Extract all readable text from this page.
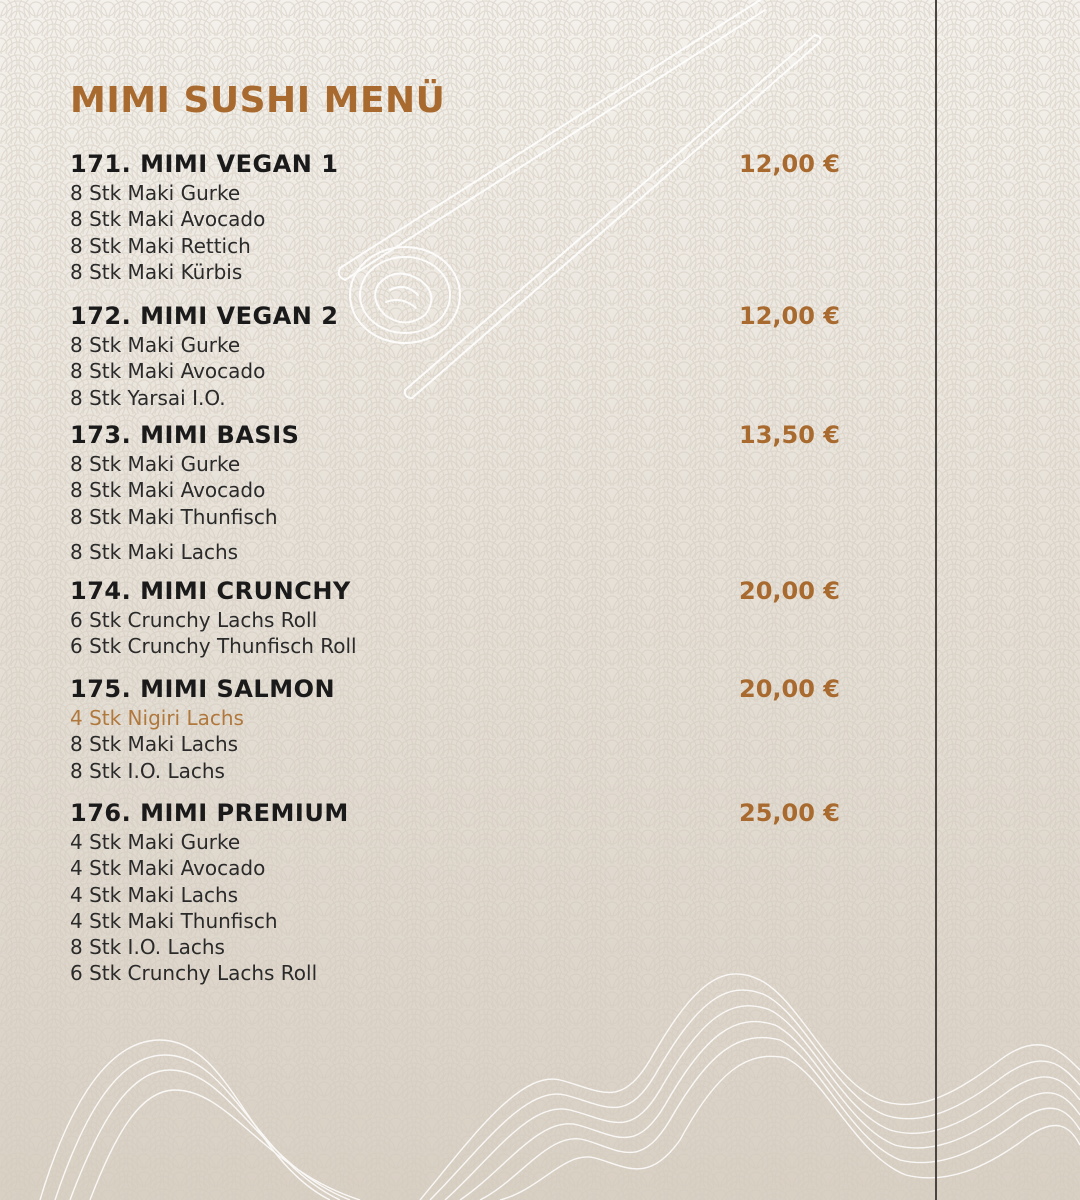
MIMI SUSHI MENÜ
171. MIMI VEGAN 1	12,00 €
8 Stk Maki Gurke
8 Stk Maki Avocado
8 Stk Maki Rettich
8 Stk Maki Kürbis
172. MIMI VEGAN 2	12,00 €
8 Stk Maki Gurke
8 Stk Maki Avocado
8 Stk Yarsai I.O.
173. MIMI BASIS	13,50 €
8 Stk Maki Gurke
8 Stk Maki Avocado
8 Stk Maki Thunfisch
8 Stk Maki Lachs
174. MIMI CRUNCHY	20,00 €
6 Stk Crunchy Lachs Roll
6 Stk Crunchy Thunfisch Roll
175. MIMI SALMON	20,00 €
4 Stk Nigiri Lachs
8 Stk Maki Lachs
8 Stk I.O. Lachs
176. MIMI PREMIUM	25,00 €
4 Stk Maki Gurke
4 Stk Maki Avocado
4 Stk Maki Lachs
4 Stk Maki Thunfisch
8 Stk I.O. Lachs
6 Stk Crunchy Lachs Roll
